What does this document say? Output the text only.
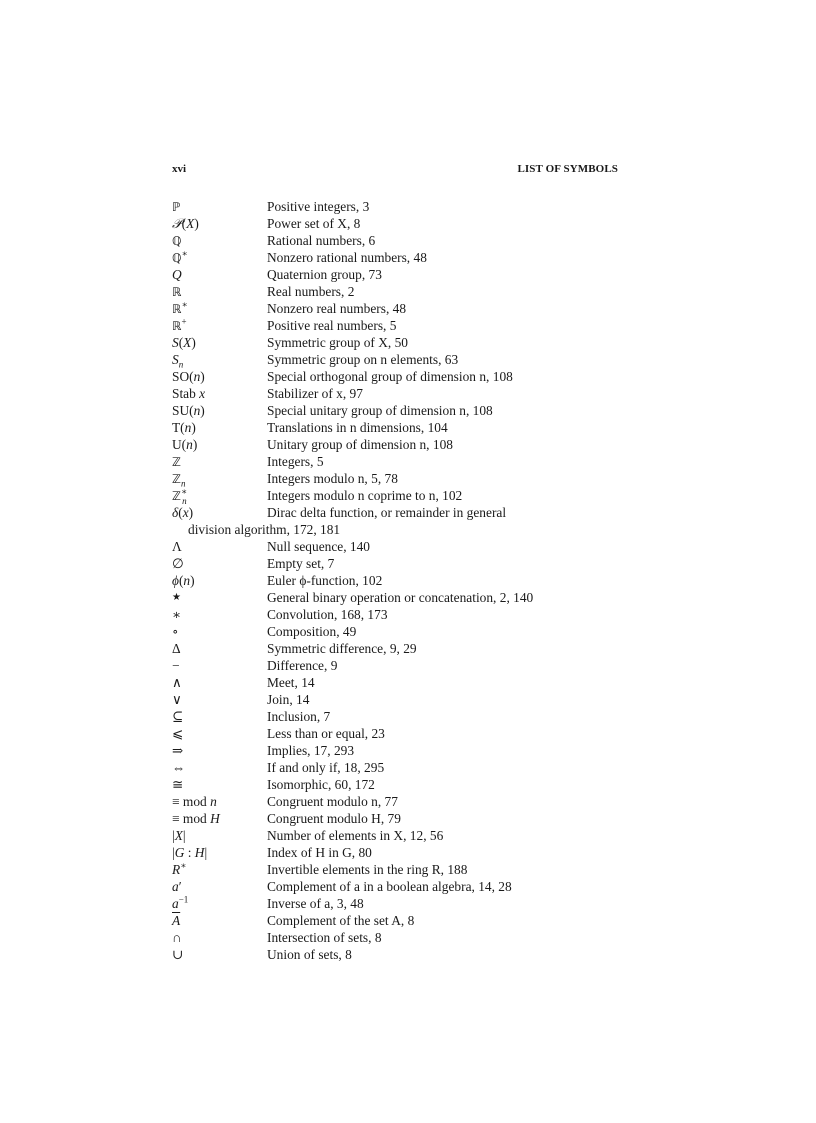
xvi	LIST OF SYMBOLS
ℙ	Positive integers, 3
𝒫(X)	Power set of X, 8
ℚ	Rational numbers, 6
ℚ∗	Nonzero rational numbers, 48
Q	Quaternion group, 73
ℝ	Real numbers, 2
ℝ∗	Nonzero real numbers, 48
ℝ+	Positive real numbers, 5
S(X)	Symmetric group of X, 50
$S_n$	Symmetric group on n elements, 63
SO(n)	Special orthogonal group of dimension n, 108
Stab x	Stabilizer of x, 97
SU(n)	Special unitary group of dimension n, 108
T(n)	Translations in n dimensions, 104
U(n)	Unitary group of dimension n, 108
ℤ	Integers, 5
ℤ$_n$	Integers modulo n, 5, 78
ℤ∗$_n$	Integers modulo n coprime to n, 102
δ(x)	Dirac delta function, or remainder in general
division algorithm, 172, 181
Λ	Null sequence, 140
∅	Empty set, 7
ϕ(n)	Euler ϕ-function, 102
★	General binary operation or concatenation, 2, 140
∗	Convolution, 168, 173
∘	Composition, 49
Δ	Symmetric difference, 9, 29
−	Difference, 9
∧	Meet, 14
∨	Join, 14
⊆	Inclusion, 7
⩽	Less than or equal, 23
⇒	Implies, 17, 293
⇔	If and only if, 18, 295
≅	Isomorphic, 60, 172
≡ mod n	Congruent modulo n, 77
≡ mod H	Congruent modulo H, 79
|X|	Number of elements in X, 12, 56
|G : H|	Index of H in G, 80
R∗	Invertible elements in the ring R, 188
a′	Complement of a in a boolean algebra, 14, 28
$a^{-1}$	Inverse of a, 3, 48
$\overline{A}$	Complement of the set A, 8
∩	Intersection of sets, 8
∪	Union of sets, 8
